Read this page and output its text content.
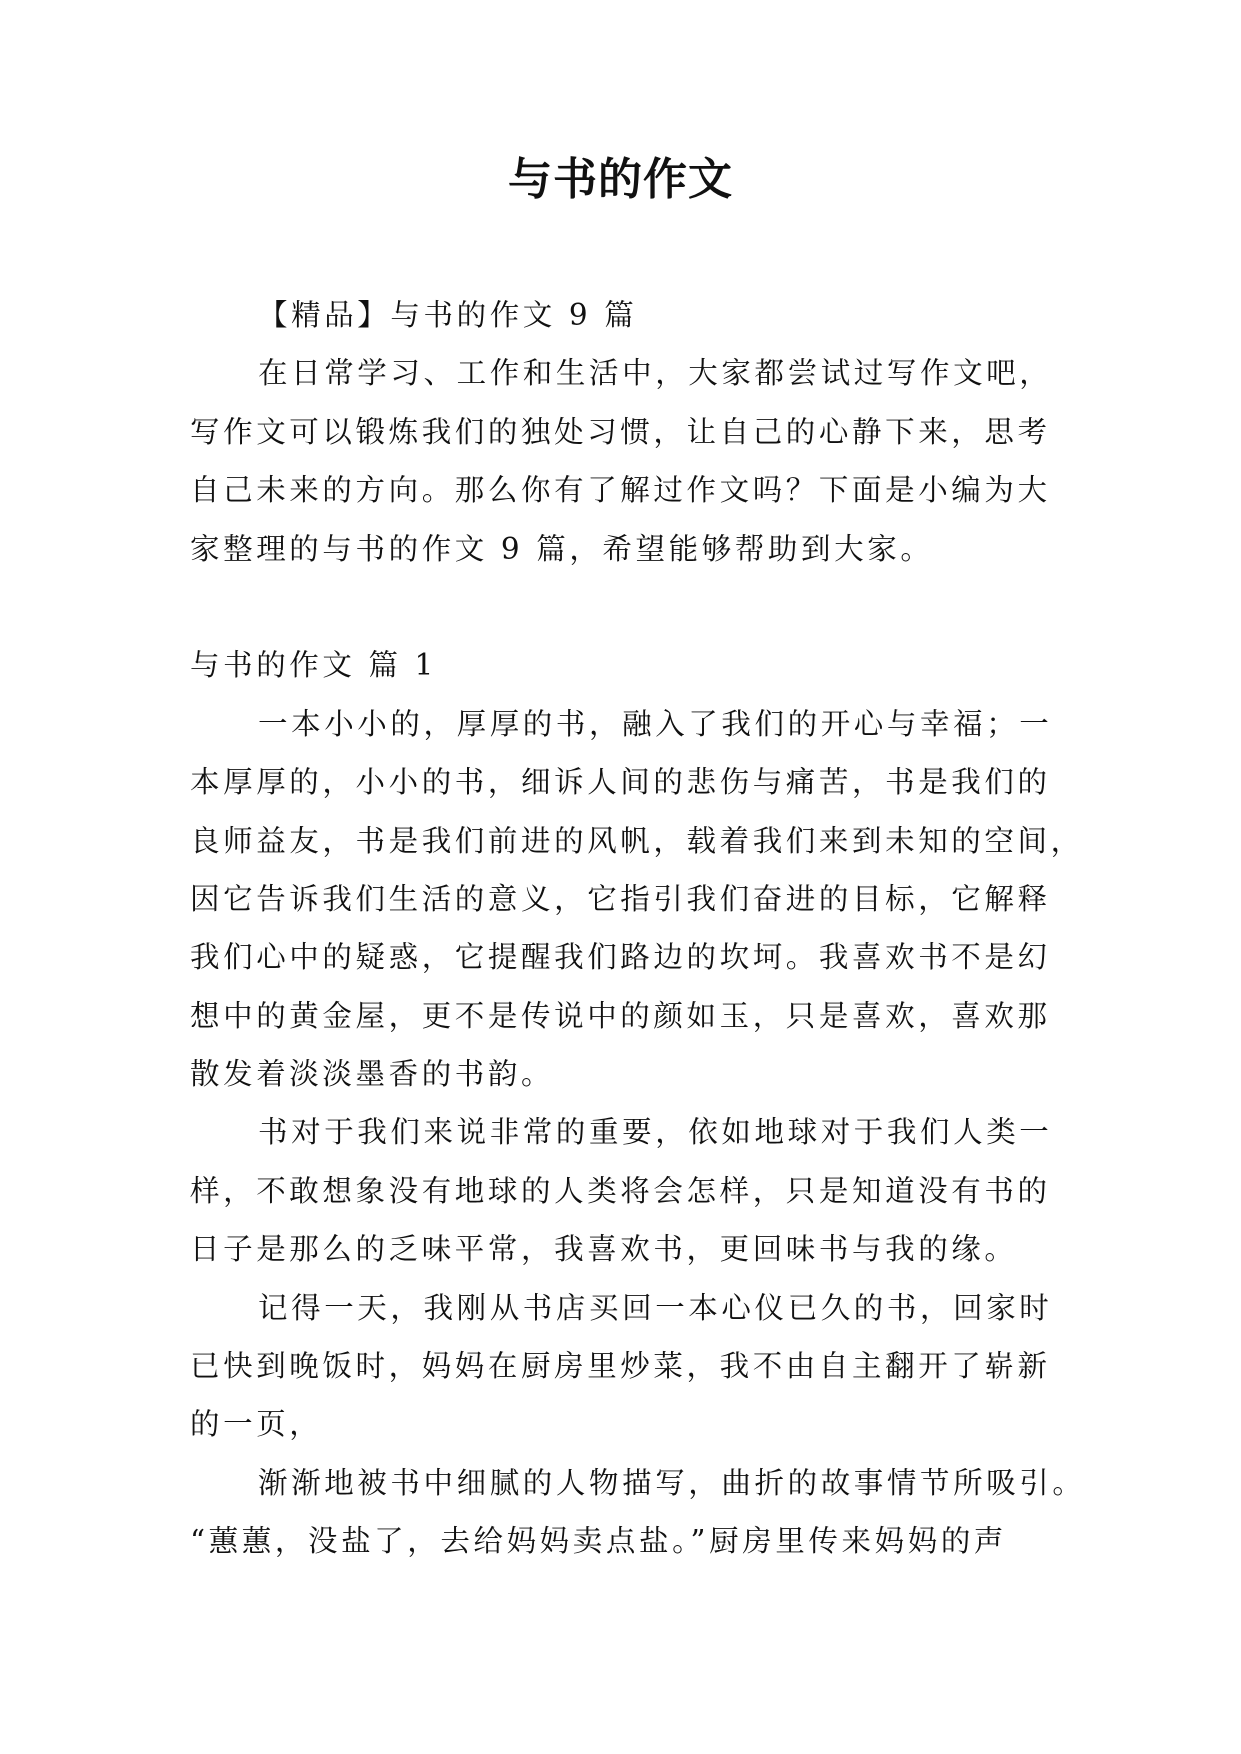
与书的作文
【精品】与书的作文 9 篇
在日常学习、工作和生活中，大家都尝试过写作文吧，
写作文可以锻炼我们的独处习惯，让自己的心静下来，思考
自己未来的方向。那么你有了解过作文吗？下面是小编为大
家整理的与书的作文 9 篇，希望能够帮助到大家。
与书的作文 篇 1
一本小小的，厚厚的书，融入了我们的开心与幸福；一
本厚厚的，小小的书，细诉人间的悲伤与痛苦，书是我们的
良师益友，书是我们前进的风帆，载着我们来到未知的空间，
因它告诉我们生活的意义，它指引我们奋进的目标，它解释
我们心中的疑惑，它提醒我们路边的坎坷。我喜欢书不是幻
想中的黄金屋，更不是传说中的颜如玉，只是喜欢，喜欢那
散发着淡淡墨香的书韵。
书对于我们来说非常的重要，依如地球对于我们人类一
样，不敢想象没有地球的人类将会怎样，只是知道没有书的
日子是那么的乏味平常，我喜欢书，更回味书与我的缘。
记得一天，我刚从书店买回一本心仪已久的书，回家时
已快到晚饭时，妈妈在厨房里炒菜，我不由自主翻开了崭新
的一页，
渐渐地被书中细腻的人物描写，曲折的故事情节所吸引。
“蕙蕙，没盐了，去给妈妈卖点盐。”厨房里传来妈妈的声
